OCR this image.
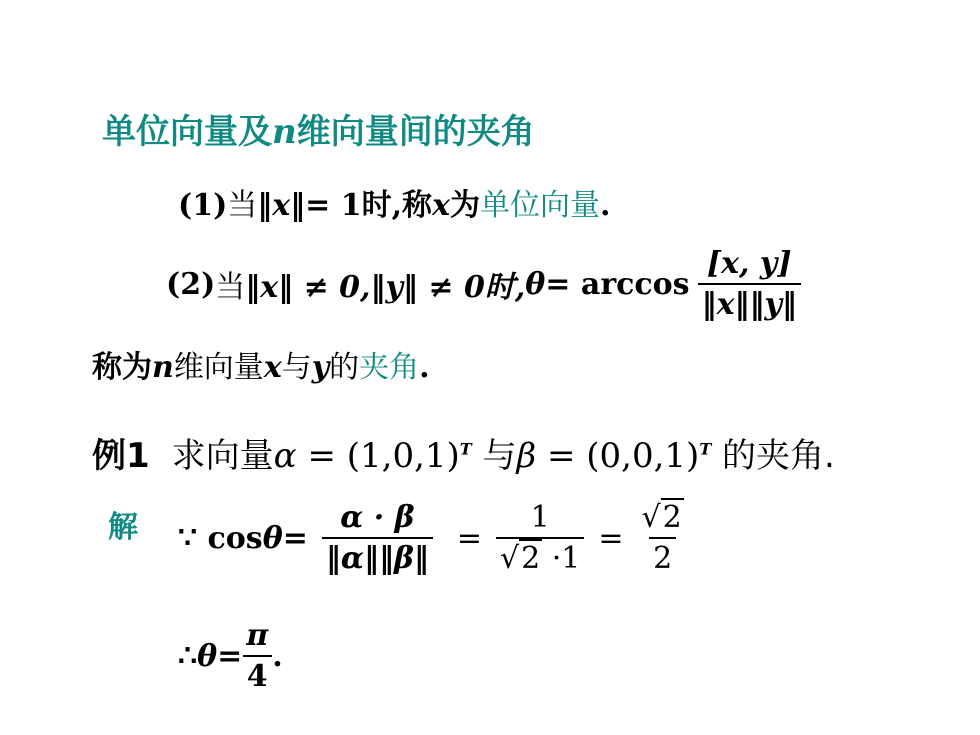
单位向量及n维向量间的夹角
(1)当‖x‖= 1时,称x为单位向量.
(2) 当 ‖x‖ ≠ 0,‖y‖ ≠ 0时, $\theta = \arccos \frac{[x, y]}{‖x‖‖y‖}$
称为n维向量x与y的夹角.
例1 求向量$\alpha = (1,0,1)^T$ 与$\beta = (0,0,1)^T$ 的夹角.
解 ∵ $\cos \theta = \frac{\alpha \cdot \beta}{‖\alpha‖‖\beta‖} = \frac{1}{√2 \cdot 1} = \frac{√2}{2}$
∴ $\theta = \frac{\pi}{4}$ .
